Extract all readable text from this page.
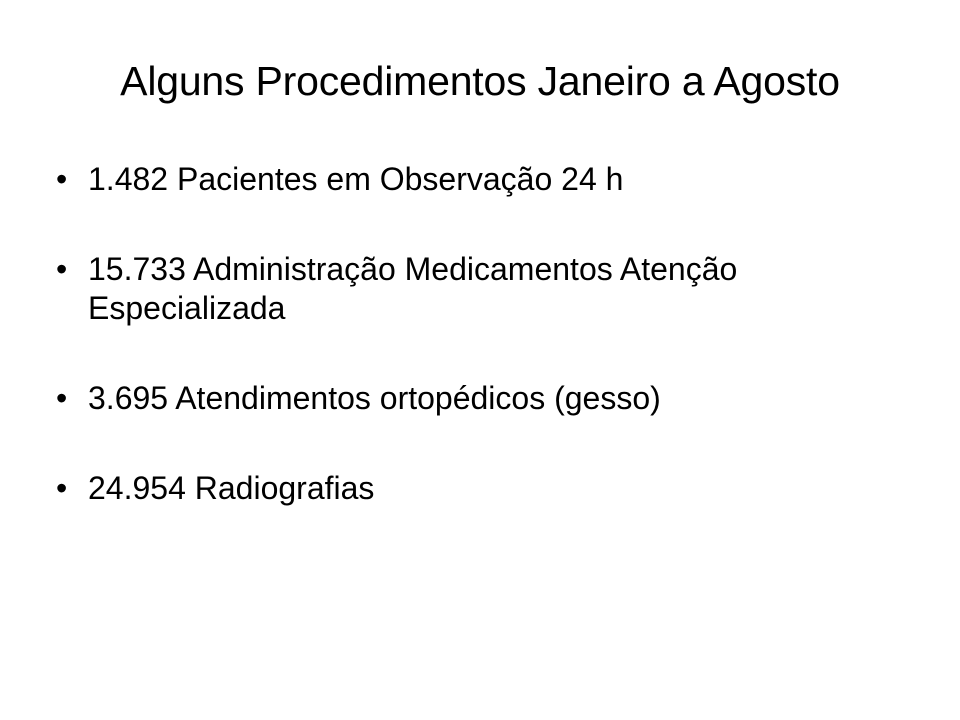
Alguns Procedimentos Janeiro a Agosto
• 1.482 Pacientes em Observação 24 h
• 15.733 Administração Medicamentos Atenção Especializada
• 3.695 Atendimentos ortopédicos (gesso)
• 24.954 Radiografias
